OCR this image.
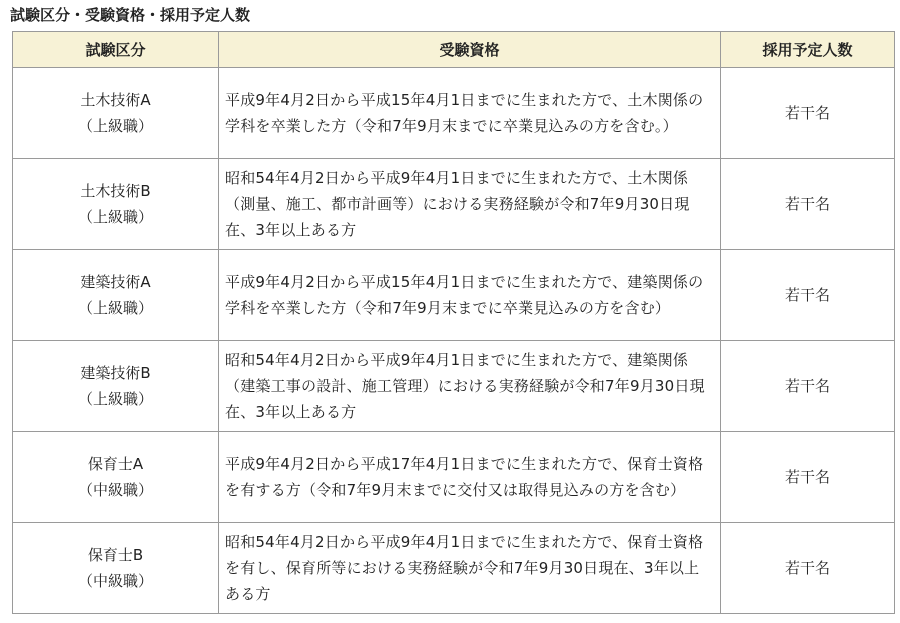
試験区分・受験資格・採用予定人数
試験区分	受験資格	採用予定人数

土木技術A
（上級職）	平成9年4月2日から平成15年4月1日までに生まれた方で、土木関係の学科を卒業した方（令和7年9月末までに卒業見込みの方を含む。）	若干名

土木技術B
（上級職）	昭和54年4月2日から平成9年4月1日までに生まれた方で、土木関係（測量、施工、都市計画等）における実務経験が令和7年9月30日現在、3年以上ある方	若干名

建築技術A
（上級職）	平成9年4月2日から平成15年4月1日までに生まれた方で、建築関係の学科を卒業した方（令和7年9月末までに卒業見込みの方を含む）	若干名

建築技術B
（上級職）	昭和54年4月2日から平成9年4月1日までに生まれた方で、建築関係（建築工事の設計、施工管理）における実務経験が令和7年9月30日現在、3年以上ある方	若干名

保育士A
（中級職）	平成9年4月2日から平成17年4月1日までに生まれた方で、保育士資格を有する方（令和7年9月末までに交付又は取得見込みの方を含む）	若干名

保育士B
（中級職）	昭和54年4月2日から平成9年4月1日までに生まれた方で、保育士資格を有し、保育所等における実務経験が令和7年9月30日現在、3年以上ある方	若干名
